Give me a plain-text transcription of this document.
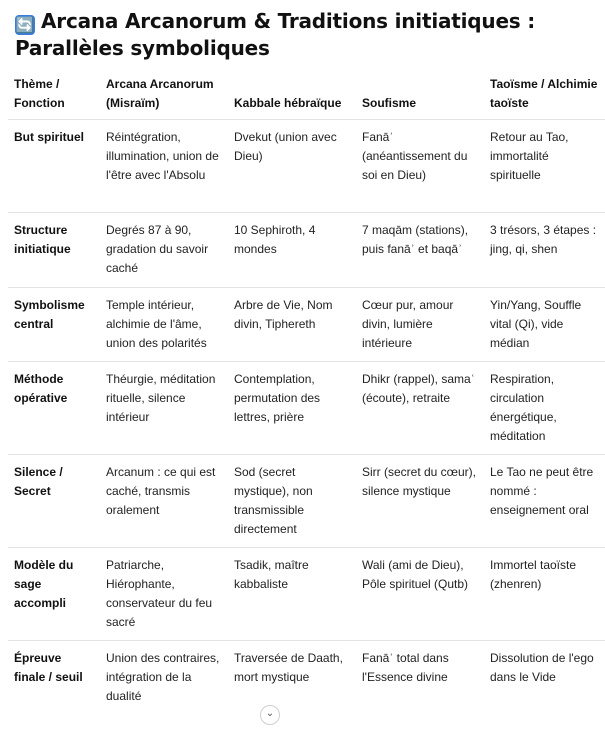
🔄 Arcana Arcanorum & Traditions initiatiques : Parallèles symboliques
Thème / Fonction	Arcana Arcanorum (Misraïm)	Kabbale hébraïque	Soufisme	Taoïsme / Alchimie taoïste
But spirituel	Réintégration, illumination, union de l'être avec l'Absolu	Dvekut (union avec Dieu)	Fanāʾ (anéantissement du soi en Dieu)	Retour au Tao, immortalité spirituelle
Structure initiatique	Degrés 87 à 90, gradation du savoir caché	10 Sephiroth, 4 mondes	7 maqām (stations), puis fanāʾ et baqāʾ	3 trésors, 3 étapes : jing, qi, shen
Symbolisme central	Temple intérieur, alchimie de l'âme, union des polarités	Arbre de Vie, Nom divin, Tiphereth	Cœur pur, amour divin, lumière intérieure	Yin/Yang, Souffle vital (Qi), vide médian
Méthode opérative	Théurgie, méditation rituelle, silence intérieur	Contemplation, permutation des lettres, prière	Dhikr (rappel), samaʿ (écoute), retraite	Respiration, circulation énergétique, méditation
Silence / Secret	Arcanum : ce qui est caché, transmis oralement	Sod (secret mystique), non transmissible directement	Sirr (secret du cœur), silence mystique	Le Tao ne peut être nommé : enseignement oral
Modèle du sage accompli	Patriarche, Hiérophante, conservateur du feu sacré	Tsadik, maître kabbaliste	Wali (ami de Dieu), Pôle spirituel (Qutb)	Immortel taoïste (zhenren)
Épreuve finale / seuil	Union des contraires, intégration de la dualité	Traversée de Daath, mort mystique	Fanāʾ total dans l'Essence divine	Dissolution de l'ego dans le Vide
⌄
